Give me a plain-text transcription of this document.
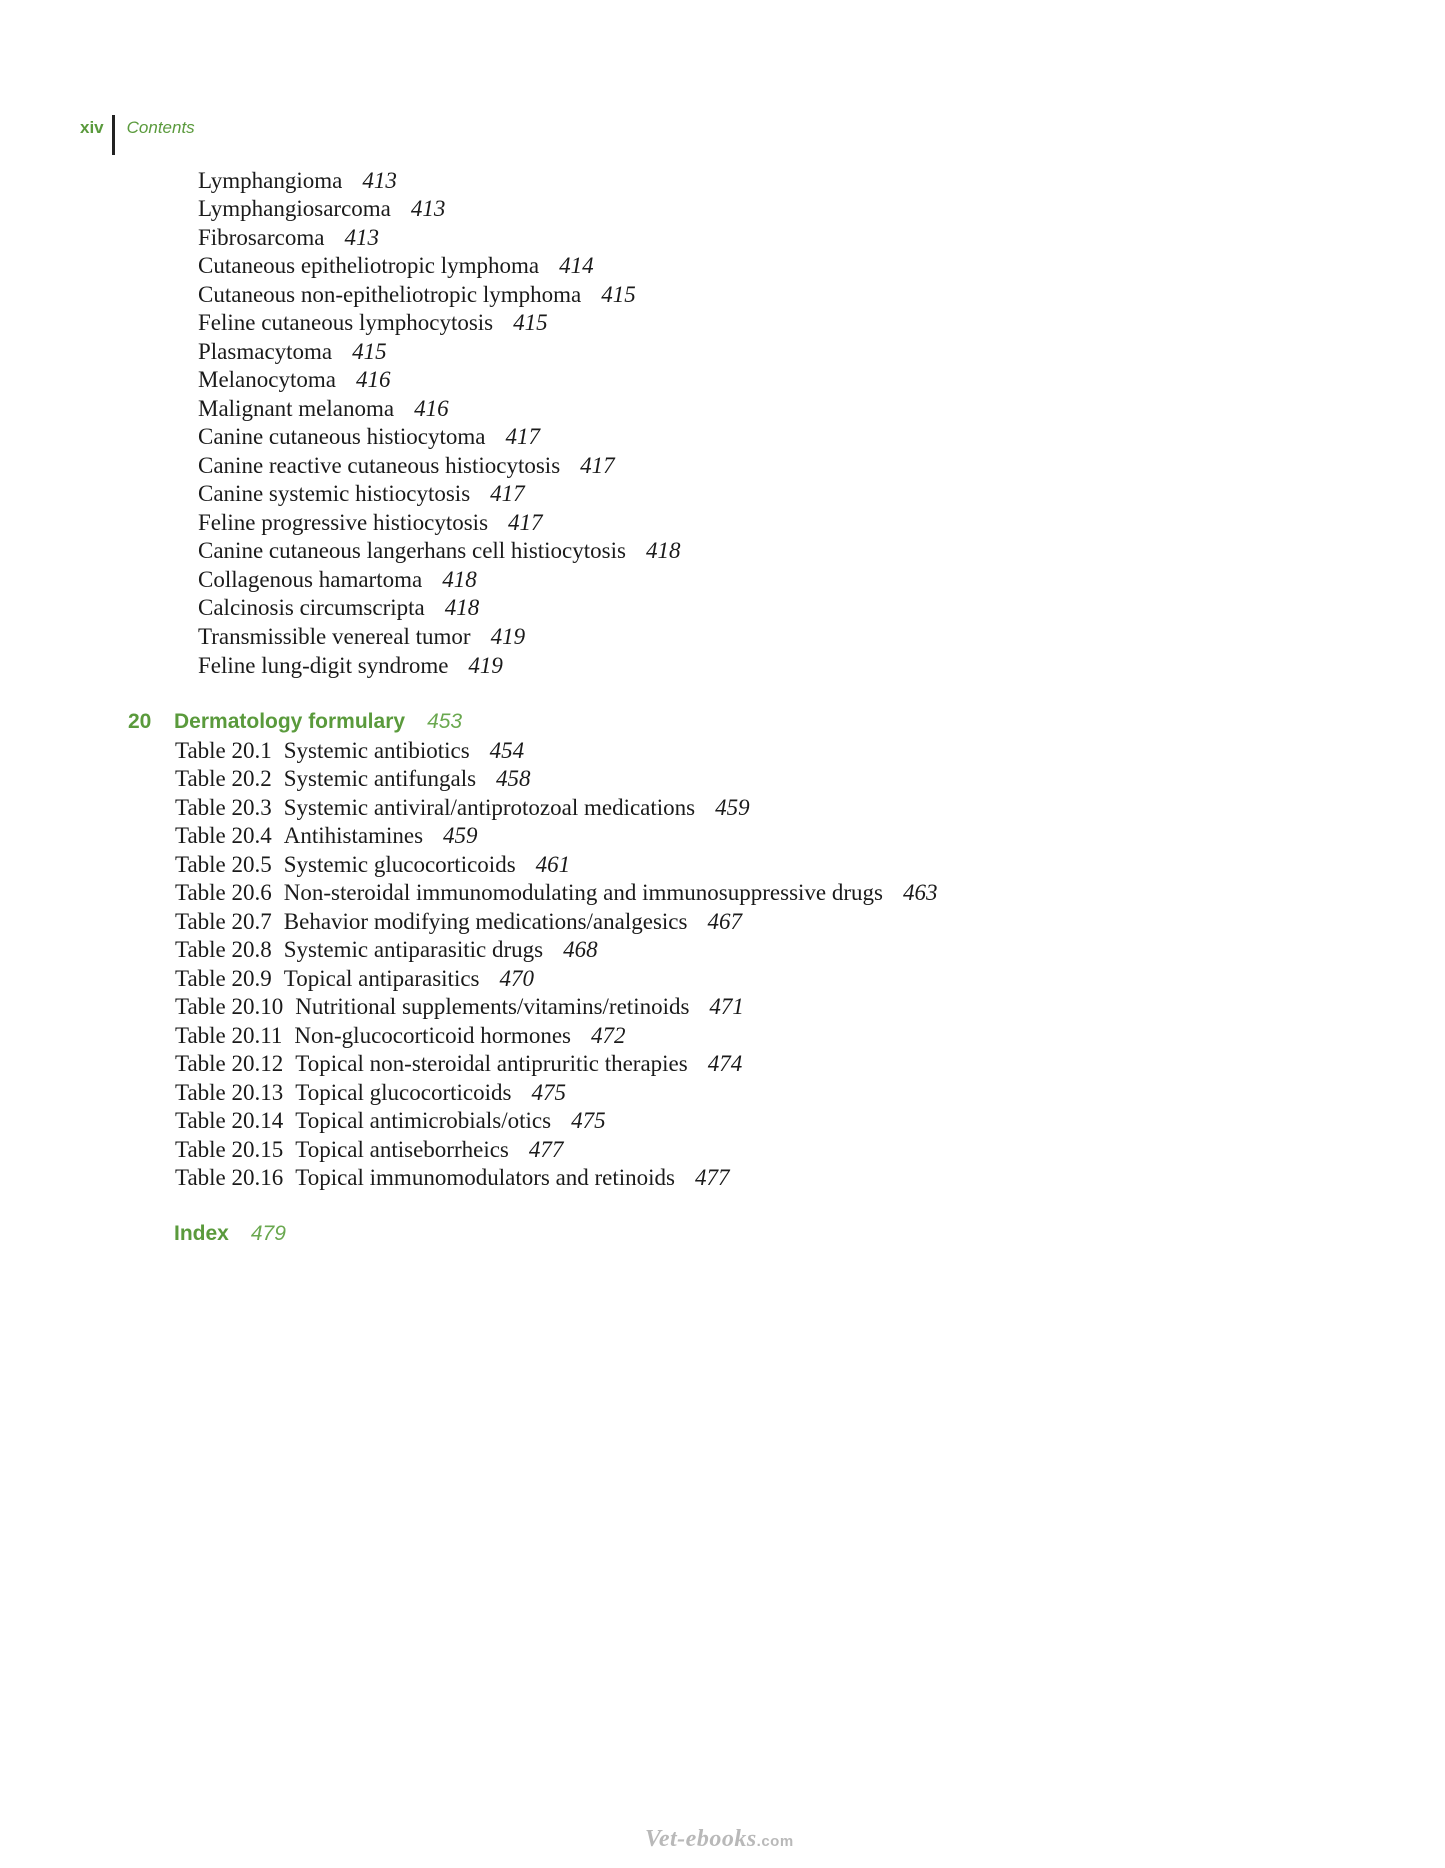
xiv Contents
Lymphangioma 413
Lymphangiosarcoma 413
Fibrosarcoma 413
Cutaneous epitheliotropic lymphoma 414
Cutaneous non-epitheliotropic lymphoma 415
Feline cutaneous lymphocytosis 415
Plasmacytoma 415
Melanocytoma 416
Malignant melanoma 416
Canine cutaneous histiocytoma 417
Canine reactive cutaneous histiocytosis 417
Canine systemic histiocytosis 417
Feline progressive histiocytosis 417
Canine cutaneous langerhans cell histiocytosis 418
Collagenous hamartoma 418
Calcinosis circumscripta 418
Transmissible venereal tumor 419
Feline lung-digit syndrome 419
20 Dermatology formulary 453
Table 20.1 Systemic antibiotics 454
Table 20.2 Systemic antifungals 458
Table 20.3 Systemic antiviral/antiprotozoal medications 459
Table 20.4 Antihistamines 459
Table 20.5 Systemic glucocorticoids 461
Table 20.6 Non-steroidal immunomodulating and immunosuppressive drugs 463
Table 20.7 Behavior modifying medications/analgesics 467
Table 20.8 Systemic antiparasitic drugs 468
Table 20.9 Topical antiparasitics 470
Table 20.10 Nutritional supplements/vitamins/retinoids 471
Table 20.11 Non-glucocorticoid hormones 472
Table 20.12 Topical non-steroidal antipruritic therapies 474
Table 20.13 Topical glucocorticoids 475
Table 20.14 Topical antimicrobials/otics 475
Table 20.15 Topical antiseborrheics 477
Table 20.16 Topical immunomodulators and retinoids 477
Index 479
Vet-ebooks.com
